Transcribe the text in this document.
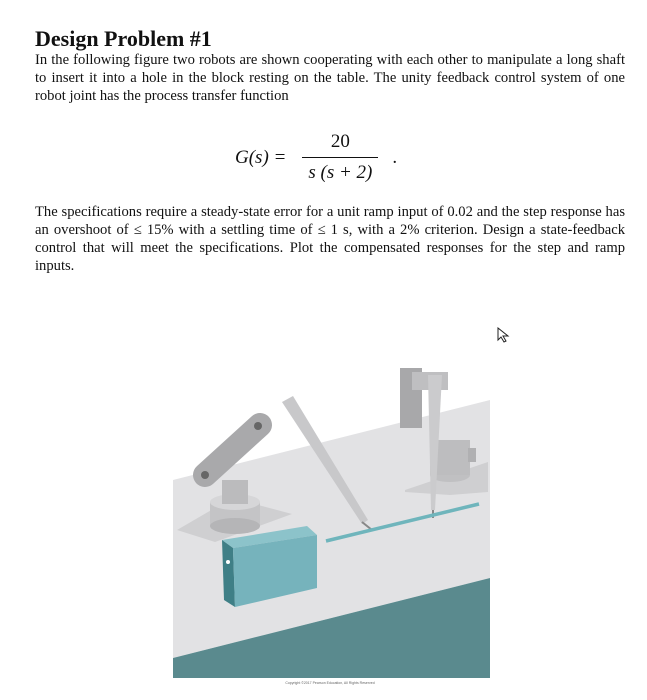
Design Problem #1

In the following figure two robots are shown cooperating with each other to manipulate a long shaft to insert it into a hole in the block resting on the table. The unity feedback control system of one robot joint has the process transfer function

$G(s) = \frac{20}{s (s + 2)}$ .

The specifications require a steady-state error for a unit ramp input of 0.02 and the step response has an overshoot of ≤ 15% with a settling time of ≤ 1 s, with a 2% criterion. Design a state-feedback control that will meet the specifications. Plot the compensated responses for the step and ramp inputs.

Copyright ©2017 Pearson Education, All Rights Reserved
